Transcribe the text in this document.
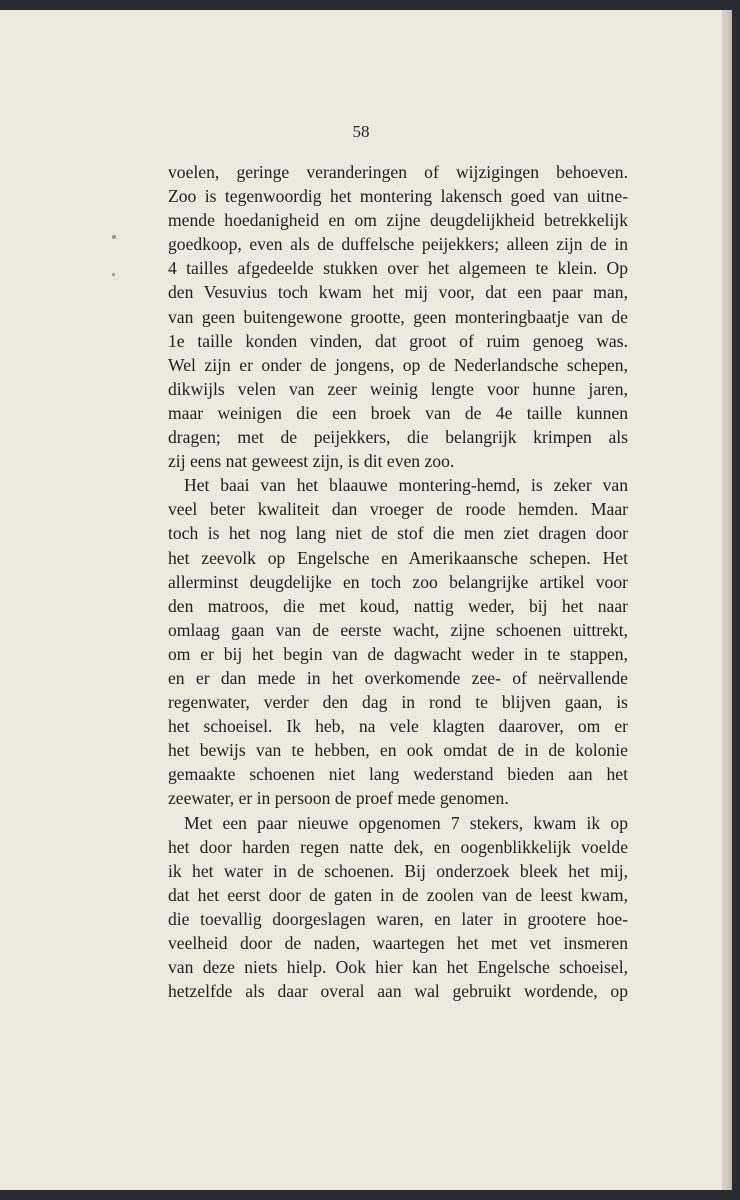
58
voelen, geringe veranderingen of wijzigingen behoeven.
Zoo is tegenwoordig het montering lakensch goed van uitne-
mende hoedanigheid en om zijne deugdelijkheid betrekkelijk
goedkoop, even als de duffelsche peijekkers; alleen zijn de in
4 tailles afgedeelde stukken over het algemeen te klein. Op
den Vesuvius toch kwam het mij voor, dat een paar man,
van geen buitengewone grootte, geen monteringbaatje van de
1e taille konden vinden, dat groot of ruim genoeg was.
Wel zijn er onder de jongens, op de Nederlandsche schepen,
dikwijls velen van zeer weinig lengte voor hunne jaren,
maar weinigen die een broek van de 4e taille kunnen
dragen; met de peijekkers, die belangrijk krimpen als
zij eens nat geweest zijn, is dit even zoo.
Het baai van het blaauwe montering-hemd, is zeker van
veel beter kwaliteit dan vroeger de roode hemden. Maar
toch is het nog lang niet de stof die men ziet dragen door
het zeevolk op Engelsche en Amerikaansche schepen. Het
allerminst deugdelijke en toch zoo belangrijke artikel voor
den matroos, die met koud, nattig weder, bij het naar
omlaag gaan van de eerste wacht, zijne schoenen uittrekt,
om er bij het begin van de dagwacht weder in te stappen,
en er dan mede in het overkomende zee- of neërvallende
regenwater, verder den dag in rond te blijven gaan, is
het schoeisel. Ik heb, na vele klagten daarover, om er
het bewijs van te hebben, en ook omdat de in de kolonie
gemaakte schoenen niet lang wederstand bieden aan het
zeewater, er in persoon de proef mede genomen.
Met een paar nieuwe opgenomen 7 stekers, kwam ik op
het door harden regen natte dek, en oogenblikkelijk voelde
ik het water in de schoenen. Bij onderzoek bleek het mij,
dat het eerst door de gaten in de zoolen van de leest kwam,
die toevallig doorgeslagen waren, en later in grootere hoe-
veelheid door de naden, waartegen het met vet insmeren
van deze niets hielp. Ook hier kan het Engelsche schoeisel,
hetzelfde als daar overal aan wal gebruikt wordende, op
